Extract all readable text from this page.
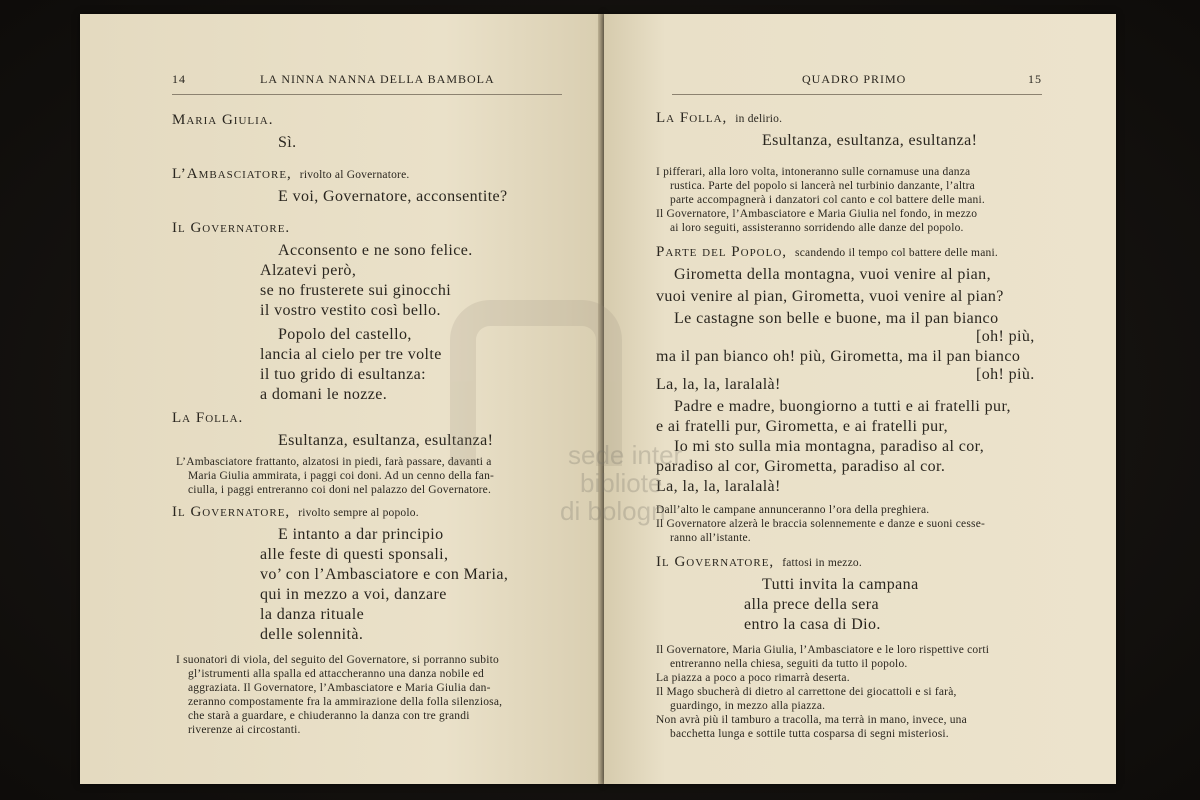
14	LA NINNA NANNA DELLA BAMBOLA
Maria Giulia.
Sì.
L’Ambasciatore, rivolto al Governatore.
E voi, Governatore, acconsentite?
Il Governatore.
Acconsento e ne sono felice.
Alzatevi però,
se no frusterete sui ginocchi
il vostro vestito così bello.
Popolo del castello,
lancia al cielo per tre volte
il tuo grido di esultanza:
a domani le nozze.
La Folla.
Esultanza, esultanza, esultanza!
L’Ambasciatore frattanto, alzatosi in piedi, farà passare, davanti a
Maria Giulia ammirata, i paggi coi doni. Ad un cenno della fan-
ciulla, i paggi entreranno coi doni nel palazzo del Governatore.
Il Governatore, rivolto sempre al popolo.
E intanto a dar principio
alle feste di questi sponsali,
vo’ con l’Ambasciatore e con Maria,
qui in mezzo a voi, danzare
la danza rituale
delle solennità.
I suonatori di viola, del seguito del Governatore, si porranno subito
gl’istrumenti alla spalla ed attaccheranno una danza nobile ed
aggraziata. Il Governatore, l’Ambasciatore e Maria Giulia dan-
zeranno compostamente fra la ammirazione della folla silenziosa,
che starà a guardare, e chiuderanno la danza con tre grandi
riverenze ai circostanti.
QUADRO PRIMO	15
La Folla, in delirio.
Esultanza, esultanza, esultanza!
I pifferari, alla loro volta, intoneranno sulle cornamuse una danza
rustica. Parte del popolo si lancerà nel turbinio danzante, l’altra
parte accompagnerà i danzatori col canto e col battere delle mani.
Il Governatore, l’Ambasciatore e Maria Giulia nel fondo, in mezzo
ai loro seguiti, assisteranno sorridendo alle danze del popolo.
Parte del Popolo, scandendo il tempo col battere delle mani.
Girometta della montagna, vuoi venire al pian,
vuoi venire al pian, Girometta, vuoi venire al pian?
Le castagne son belle e buone, ma il pan bianco
[oh! più,
ma il pan bianco oh! più, Girometta, ma il pan bianco
[oh! più.
La, la, la, laralalà!
Padre e madre, buongiorno a tutti e ai fratelli pur,
e ai fratelli pur, Girometta, e ai fratelli pur,
Io mi sto sulla mia montagna, paradiso al cor,
paradiso al cor, Girometta, paradiso al cor.
La, la, la, laralalà!
Dall’alto le campane annunceranno l’ora della preghiera.
Il Governatore alzerà le braccia solennemente e danze e suoni cesse-
ranno all’istante.
Il Governatore, fattosi in mezzo.
Tutti invita la campana
alla prece della sera
entro la casa di Dio.
Il Governatore, Maria Giulia, l’Ambasciatore e le loro rispettive corti
entreranno nella chiesa, seguiti da tutto il popolo.
La piazza a poco a poco rimarrà deserta.
Il Mago sbucherà di dietro al carrettone dei giocattoli e si farà,
guardingo, in mezzo alla piazza.
Non avrà più il tamburo a tracolla, ma terrà in mano, invece, una
bacchetta lunga e sottile tutta cosparsa di segni misteriosi.
sede inter
bibliote
di bologn
